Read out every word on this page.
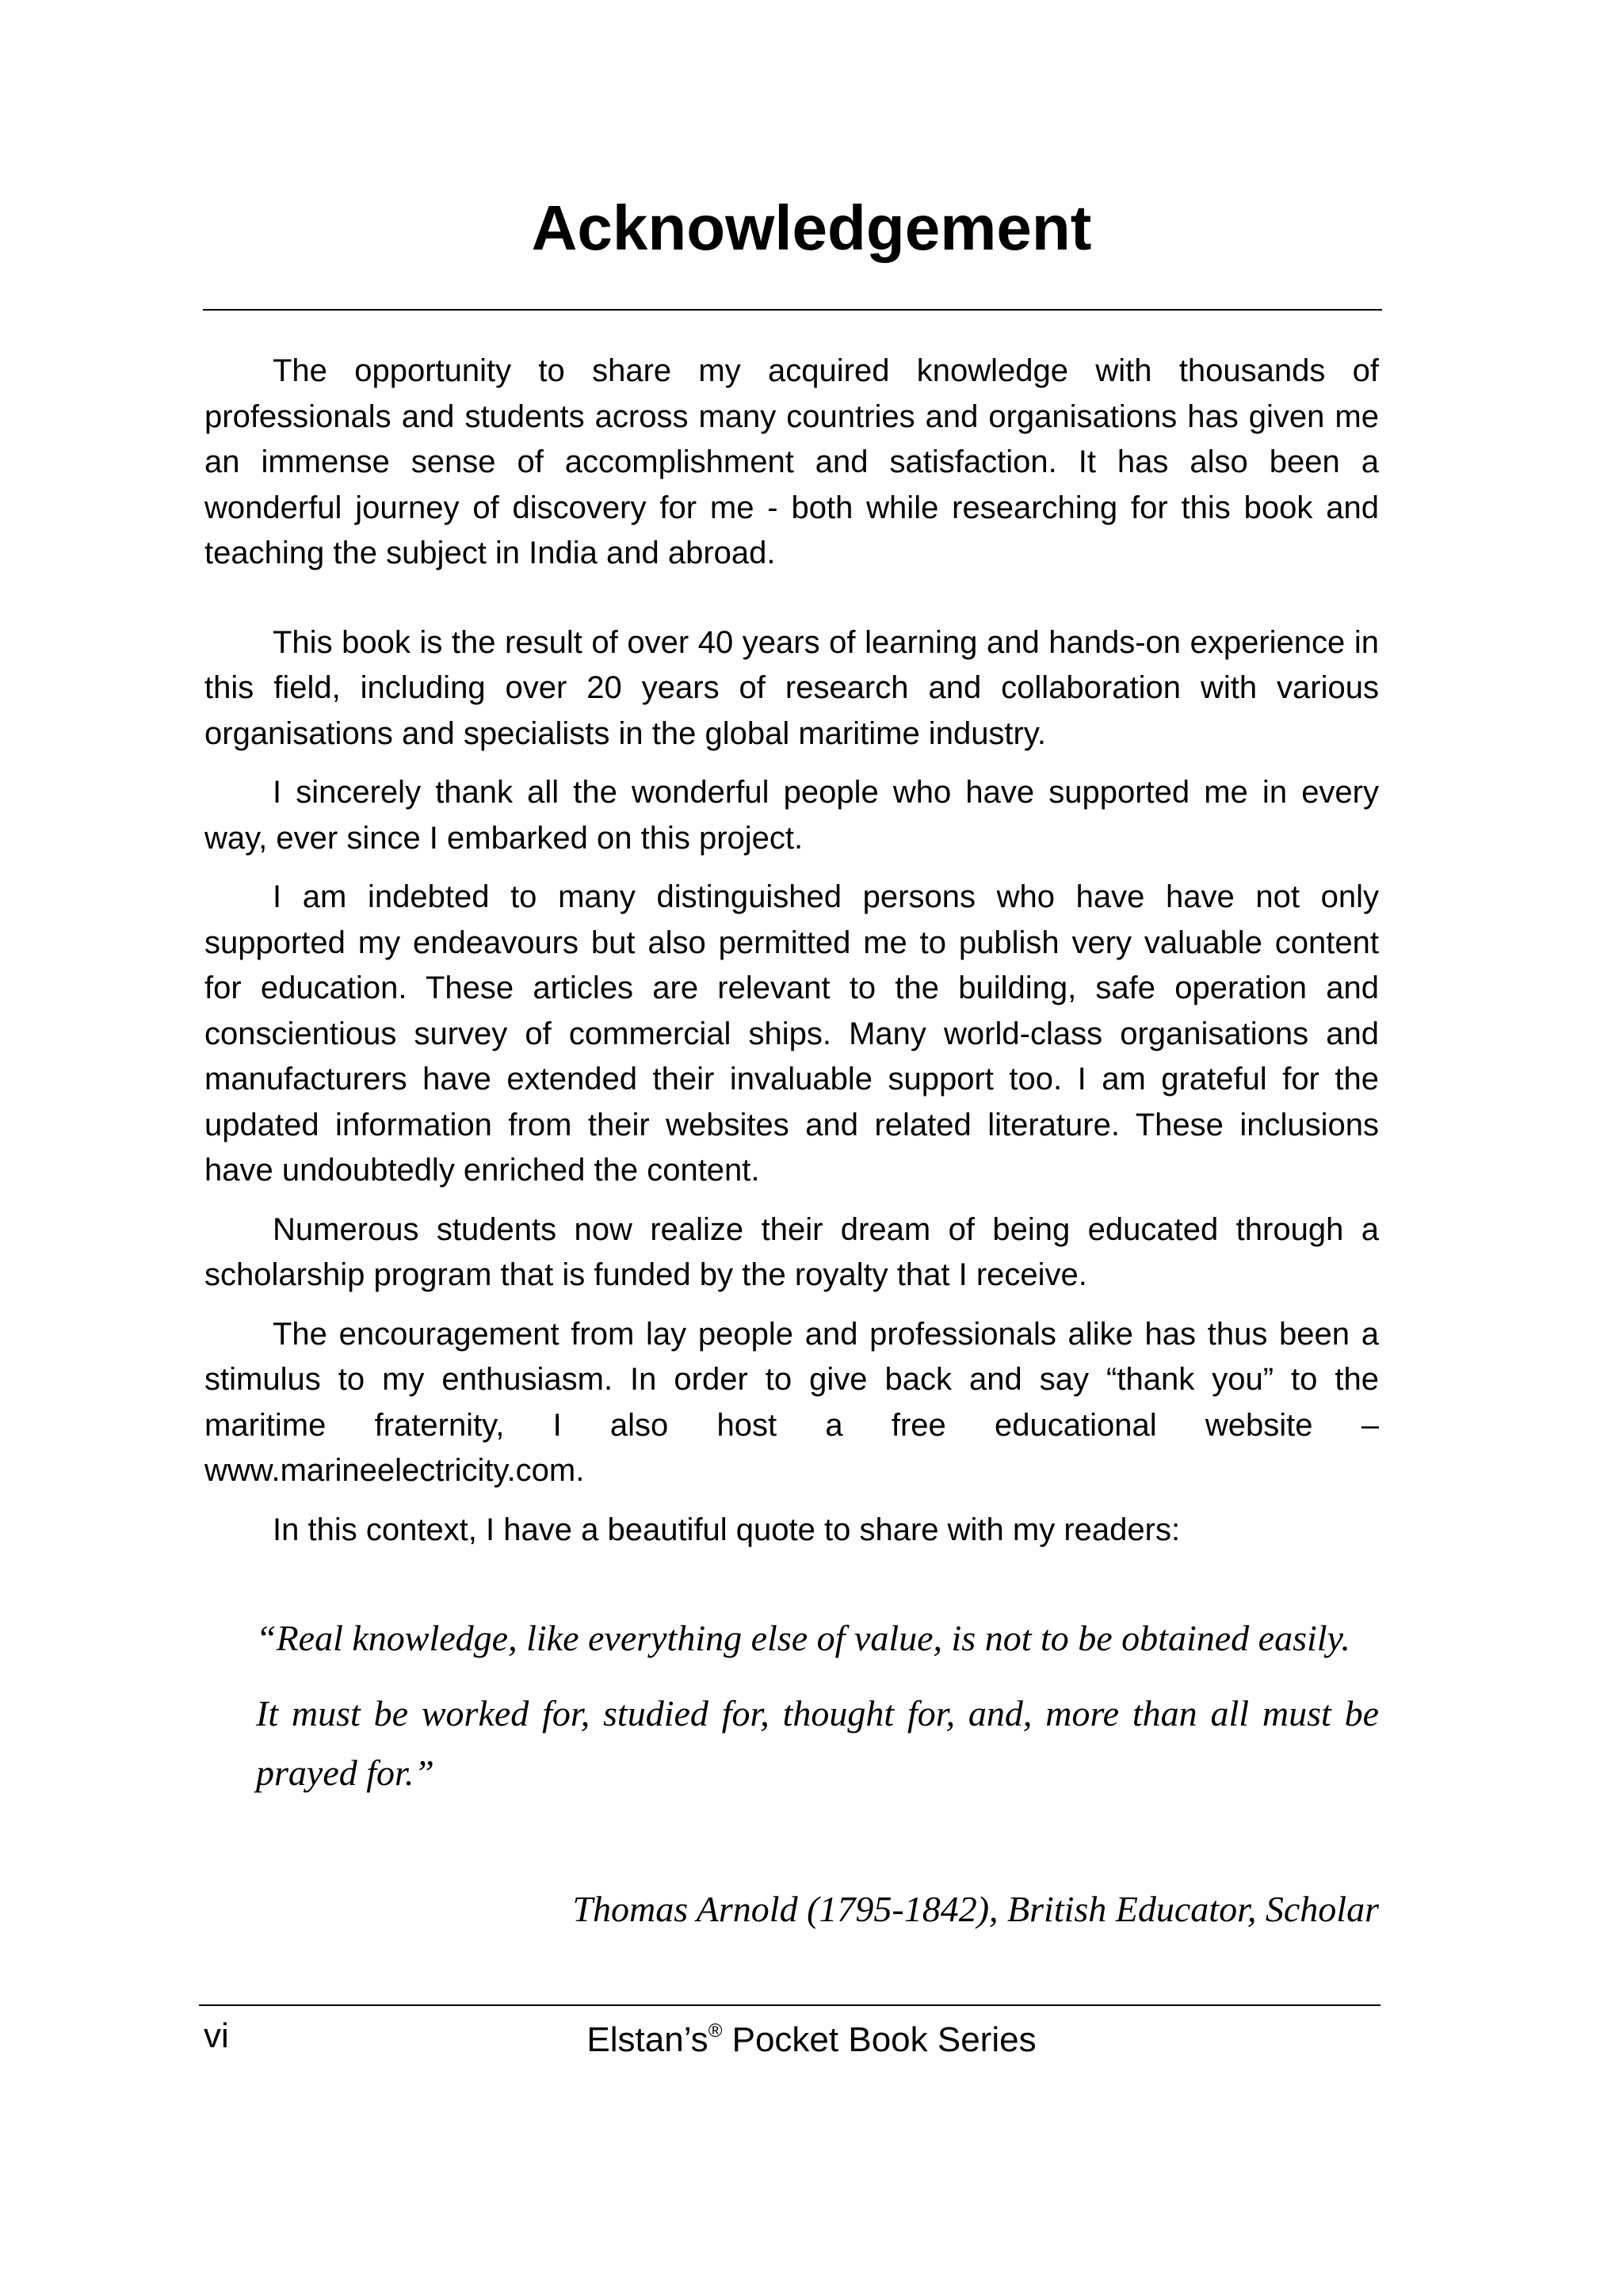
Acknowledgement

The opportunity to share my acquired knowledge with thousands of professionals and students across many countries and organisations has given me an immense sense of accomplishment and satisfaction. It has also been a wonderful journey of discovery for me - both while researching for this book and teaching the subject in India and abroad.

This book is the result of over 40 years of learning and hands-on experience in this field, including over 20 years of research and collaboration with various organisations and specialists in the global maritime industry.

I sincerely thank all the wonderful people who have supported me in every way, ever since I embarked on this project.

I am indebted to many distinguished persons who have have not only supported my endeavours but also permitted me to publish very valuable content for education. These articles are relevant to the building, safe operation and conscientious survey of commercial ships. Many world-class organisations and manufacturers have extended their invaluable support too. I am grateful for the updated information from their websites and related literature. These inclusions have undoubtedly enriched the content.

Numerous students now realize their dream of being educated through a scholarship program that is funded by the royalty that I receive.

The encouragement from lay people and professionals alike has thus been a stimulus to my enthusiasm. In order to give back and say “thank you” to the maritime fraternity, I also host a free educational website – www.marineelectricity.com.

In this context, I have a beautiful quote to share with my readers:

“Real knowledge, like everything else of value, is not to be obtained easily.

It must be worked for, studied for, thought for, and, more than all must be prayed for.”

Thomas Arnold (1795-1842), British Educator, Scholar
vi	Elstan’s® Pocket Book Series
